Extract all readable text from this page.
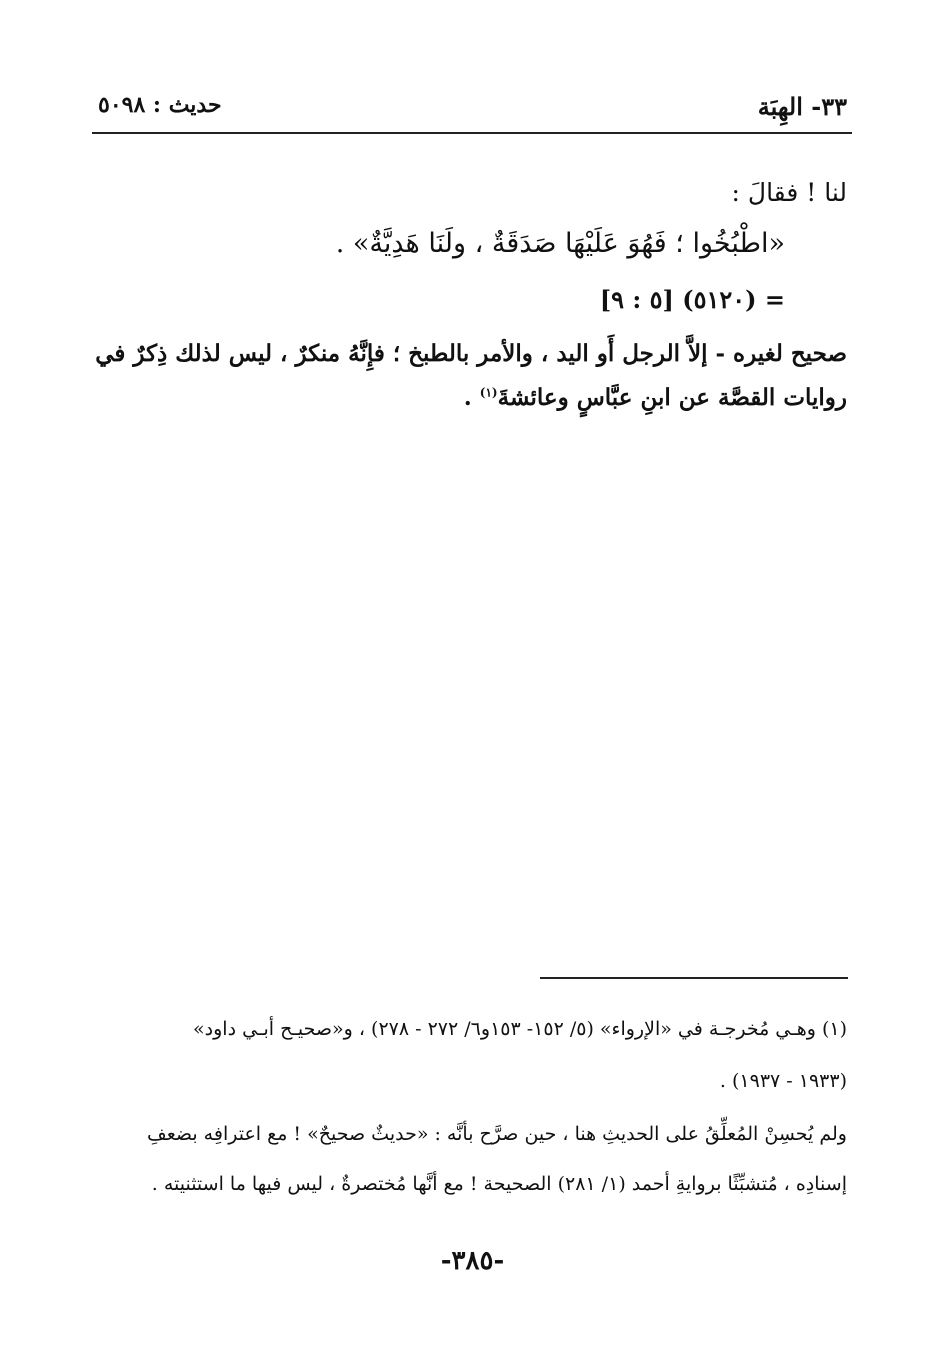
٣٣- الهِبَة
حديث : ٥٠٩٨
لنا ! فقالَ :
«اطْبُخُوا ؛ فَهُوَ عَلَيْهَا صَدَقَةٌ ، ولَنَا هَدِيَّةٌ» .
= (٥١٢٠) [٥ : ٩]
صحيح لغيره - إلاَّ الرجل أَو اليد ، والأمر بالطبخ ؛ فإِنَّهُ منكرٌ ، ليس لذلك ذِكرٌ في
روايات القصَّة عن ابنِ عبَّاسٍ وعائشةَ$^{(١)}$ .
(١) وهـي مُخرجـة في «الإرواء» (٥/ ١٥٢- ١٥٣و٦/ ٢٧٢ - ٢٧٨) ، و«صحيـح أبـي داود»
(١٩٣٣ - ١٩٣٧) .
ولم يُحسِنْ المُعلِّقُ على الحديثِ هنا ، حين صرَّح بأنَّه : «حديثٌ صحيحٌ» ! مع اعترافِه بضعفِ
إسنادِه ، مُتشبِّثًا بروايةِ أحمد (١/ ٢٨١) الصحيحة ! مع أنَّها مُختصرةٌ ، ليس فيها ما استثنيته .
-٣٨٥-
